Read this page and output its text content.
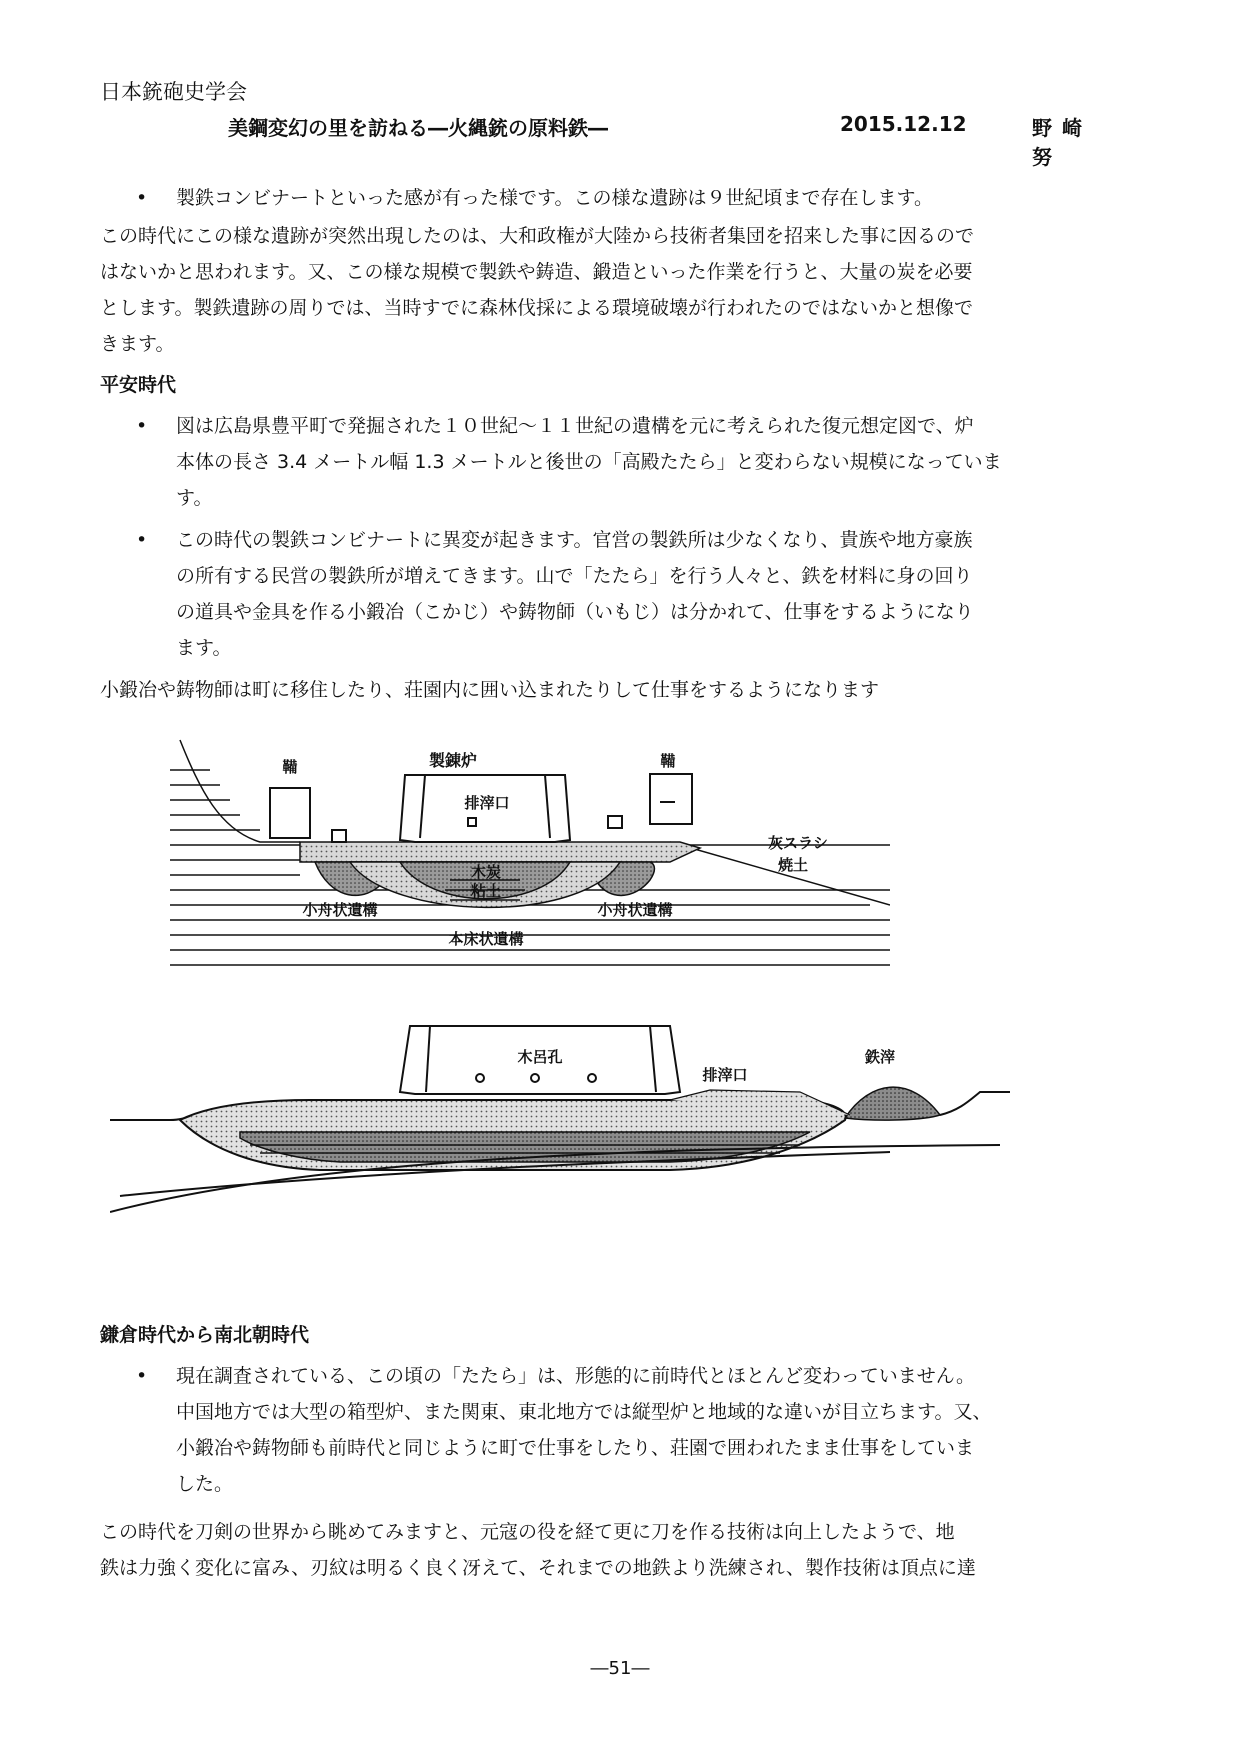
日本銃砲史学会
美鋼変幻の里を訪ねる―火縄銃の原料鉄―	2015.12.12	野崎　努
•	製鉄コンビナートといった感が有った様です。この様な遺跡は９世紀頃まで存在します。
この時代にこの様な遺跡が突然出現したのは、大和政権が大陸から技術者集団を招来した事に因るので
はないかと思われます。又、この様な規模で製鉄や鋳造、鍛造といった作業を行うと、大量の炭を必要
とします。製鉄遺跡の周りでは、当時すでに森林伐採による環境破壊が行われたのではないかと想像で
きます。
平安時代
•	図は広島県豊平町で発掘された１０世紀～１１世紀の遺構を元に考えられた復元想定図で、炉
本体の長さ 3.4 メートル幅 1.3 メートルと後世の「高殿たたら」と変わらない規模になっていま
す。
•	この時代の製鉄コンビナートに異変が起きます。官営の製鉄所は少なくなり、貴族や地方豪族
の所有する民営の製鉄所が増えてきます。山で「たたら」を行う人々と、鉄を材料に身の回り
の道具や金具を作る小鍛冶（こかじ）や鋳物師（いもじ）は分かれて、仕事をするようになり
ます。
小鍛冶や鋳物師は町に移住したり、荘園内に囲い込まれたりして仕事をするようになります
製錬炉
鞴	鞴
排滓口
灰スラシ
焼土
木炭
粘土
小舟状遺構	小舟状遺構
本床状遺構
木呂孔
排滓口
鉄滓
鎌倉時代から南北朝時代
•	現在調査されている、この頃の「たたら」は、形態的に前時代とほとんど変わっていません。
中国地方では大型の箱型炉、また関東、東北地方では縦型炉と地域的な違いが目立ちます。又、
小鍛冶や鋳物師も前時代と同じように町で仕事をしたり、荘園で囲われたまま仕事をしていま
した。
この時代を刀剣の世界から眺めてみますと、元寇の役を経て更に刀を作る技術は向上したようで、地
鉄は力強く変化に富み、刃紋は明るく良く冴えて、それまでの地鉄より洗練され、製作技術は頂点に達
―51―
